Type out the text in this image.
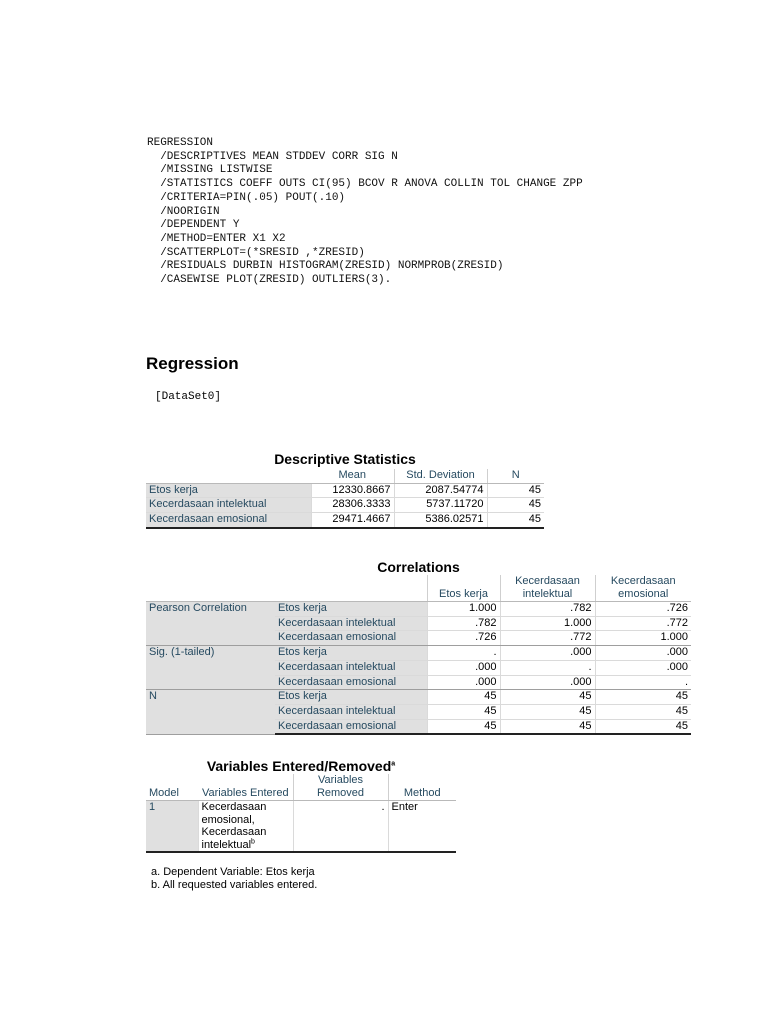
REGRESSION
/DESCRIPTIVES MEAN STDDEV CORR SIG N
/MISSING LISTWISE
/STATISTICS COEFF OUTS CI(95) BCOV R ANOVA COLLIN TOL CHANGE ZPP
/CRITERIA=PIN(.05) POUT(.10)
/NOORIGIN
/DEPENDENT Y
/METHOD=ENTER X1 X2
/SCATTERPLOT=(*SRESID ,*ZRESID)
/RESIDUALS DURBIN HISTOGRAM(ZRESID) NORMPROB(ZRESID)
/CASEWISE PLOT(ZRESID) OUTLIERS(3).
Regression
[DataSet0]
Descriptive Statistics
	Mean	Std. Deviation	N
Etos kerja	12330.8667	2087.54774	45
Kecerdasaan intelektual	28306.3333	5737.11720	45
Kecerdasaan emosional	29471.4667	5386.02571	45
Correlations
		Etos kerja	Kecerdasaan intelektual	Kecerdasaan emosional
Pearson Correlation	Etos kerja	1.000	.782	.726
	Kecerdasaan intelektual	.782	1.000	.772
	Kecerdasaan emosional	.726	.772	1.000
Sig. (1-tailed)	Etos kerja	.	.000	.000
	Kecerdasaan intelektual	.000	.	.000
	Kecerdasaan emosional	.000	.000	.
N	Etos kerja	45	45	45
	Kecerdasaan intelektual	45	45	45
	Kecerdasaan emosional	45	45	45
Variables Entered/Removed$^a$
Model	Variables Entered	Variables Removed	Method
1	Kecerdasaan emosional, Kecerdasaan intelektual$^b$	.	Enter
a. Dependent Variable: Etos kerja
b. All requested variables entered.
